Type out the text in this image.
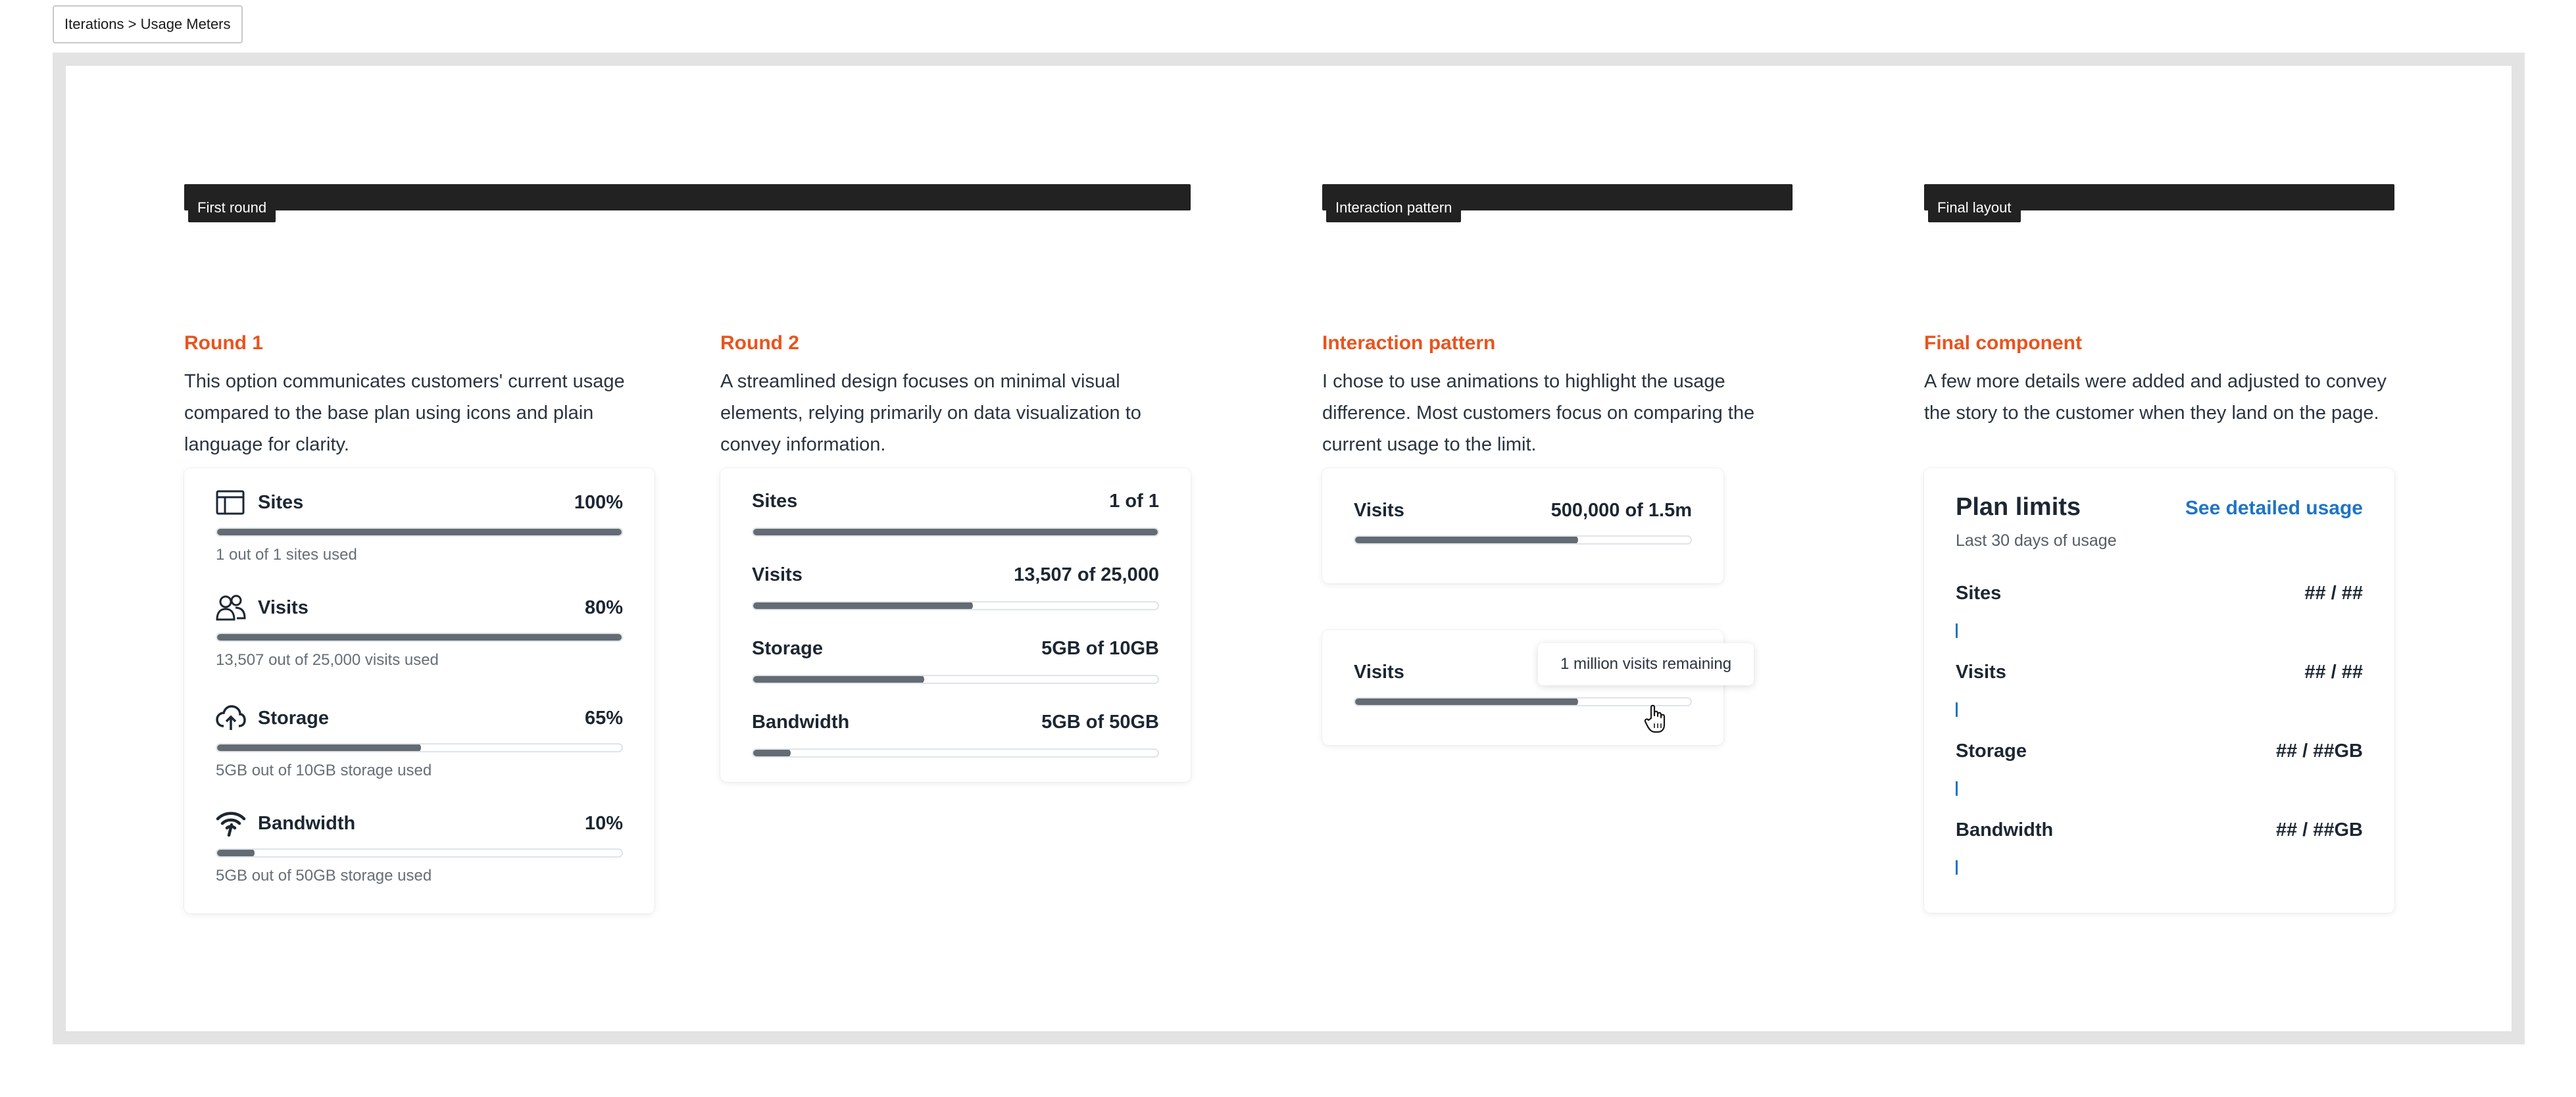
Iterations > Usage Meters
First round	Interaction pattern	Final layout
Round 1
This option communicates customers' current usage compared to the base plan using icons and plain language for clarity.
Round 2
A streamlined design focuses on minimal visual elements, relying primarily on data visualization to convey information.
Interaction pattern
I chose to use animations to highlight the usage difference. Most customers focus on comparing the current usage to the limit.
Final component
A few more details were added and adjusted to convey the story to the customer when they land on the page.
Sites	100%
1 out of 1 sites used
Visits	80%
13,507 out of 25,000 visits used
Storage	65%
5GB out of 10GB storage used
Bandwidth	10%
5GB out of 50GB storage used
Sites	1 of 1
Visits	13,507 of 25,000
Storage	5GB of 10GB
Bandwidth	5GB of 50GB
Visits	500,000 of 1.5m
Visits	1 million visits remaining
Plan limits	See detailed usage
Last 30 days of usage
Sites	## / ##
Visits	## / ##
Storage	## / ##GB
Bandwidth	## / ##GB
